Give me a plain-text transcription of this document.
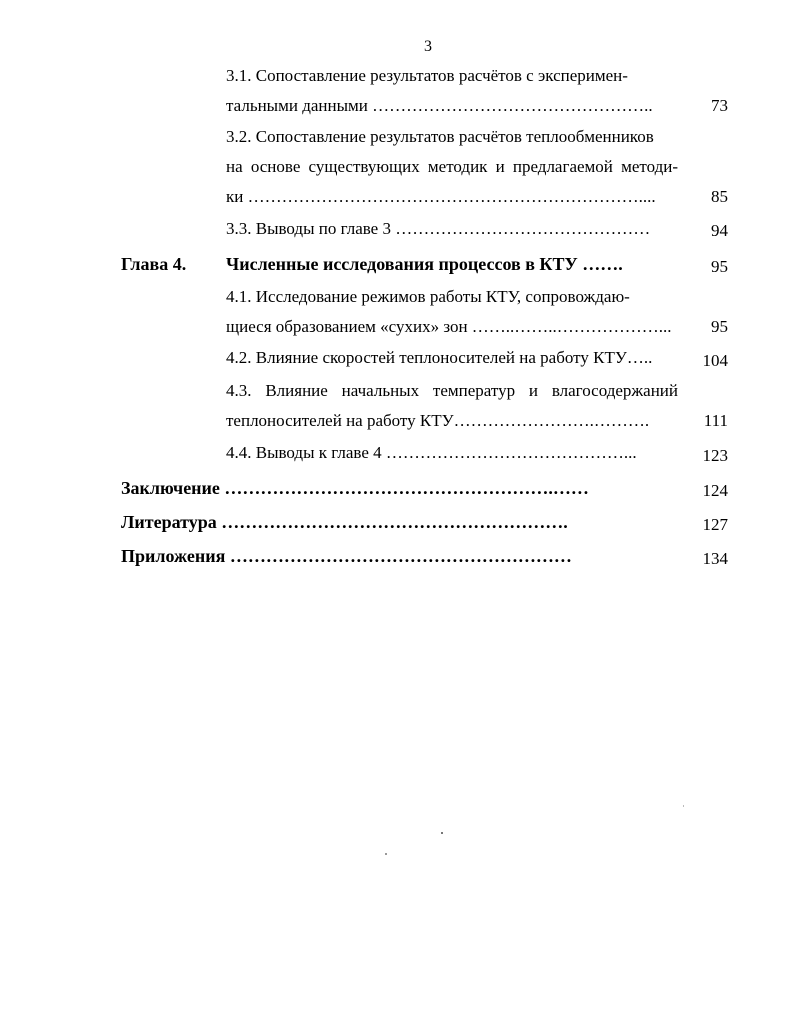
3
3.1. Сопоставление результатов расчётов с эксперимен-
тальными данными …………………………………………..	73
3.2. Сопоставление результатов расчётов теплообменников
на основе существующих методик и предлагаемой методи-
ки ……………………………………………………………....	85
3.3. Выводы по главе 3 ………………………………………	94
Глава 4. Численные исследования процессов в КТУ …….	95
4.1. Исследование режимов работы КТУ, сопровождаю-
щиеся образованием «сухих» зон ……..……..………………... 95
4.2. Влияние скоростей теплоносителей на работу КТУ…..	104
4.3. Влияние начальных температур и влагосодержаний
теплоносителей на работу КТУ…………………….……….	111
4.4. Выводы к главе 4 ……………………………………...	123
Заключение ……………………………………………….……	124
Литература ………………………………………………….	127
Приложения …………………………………………………	134
